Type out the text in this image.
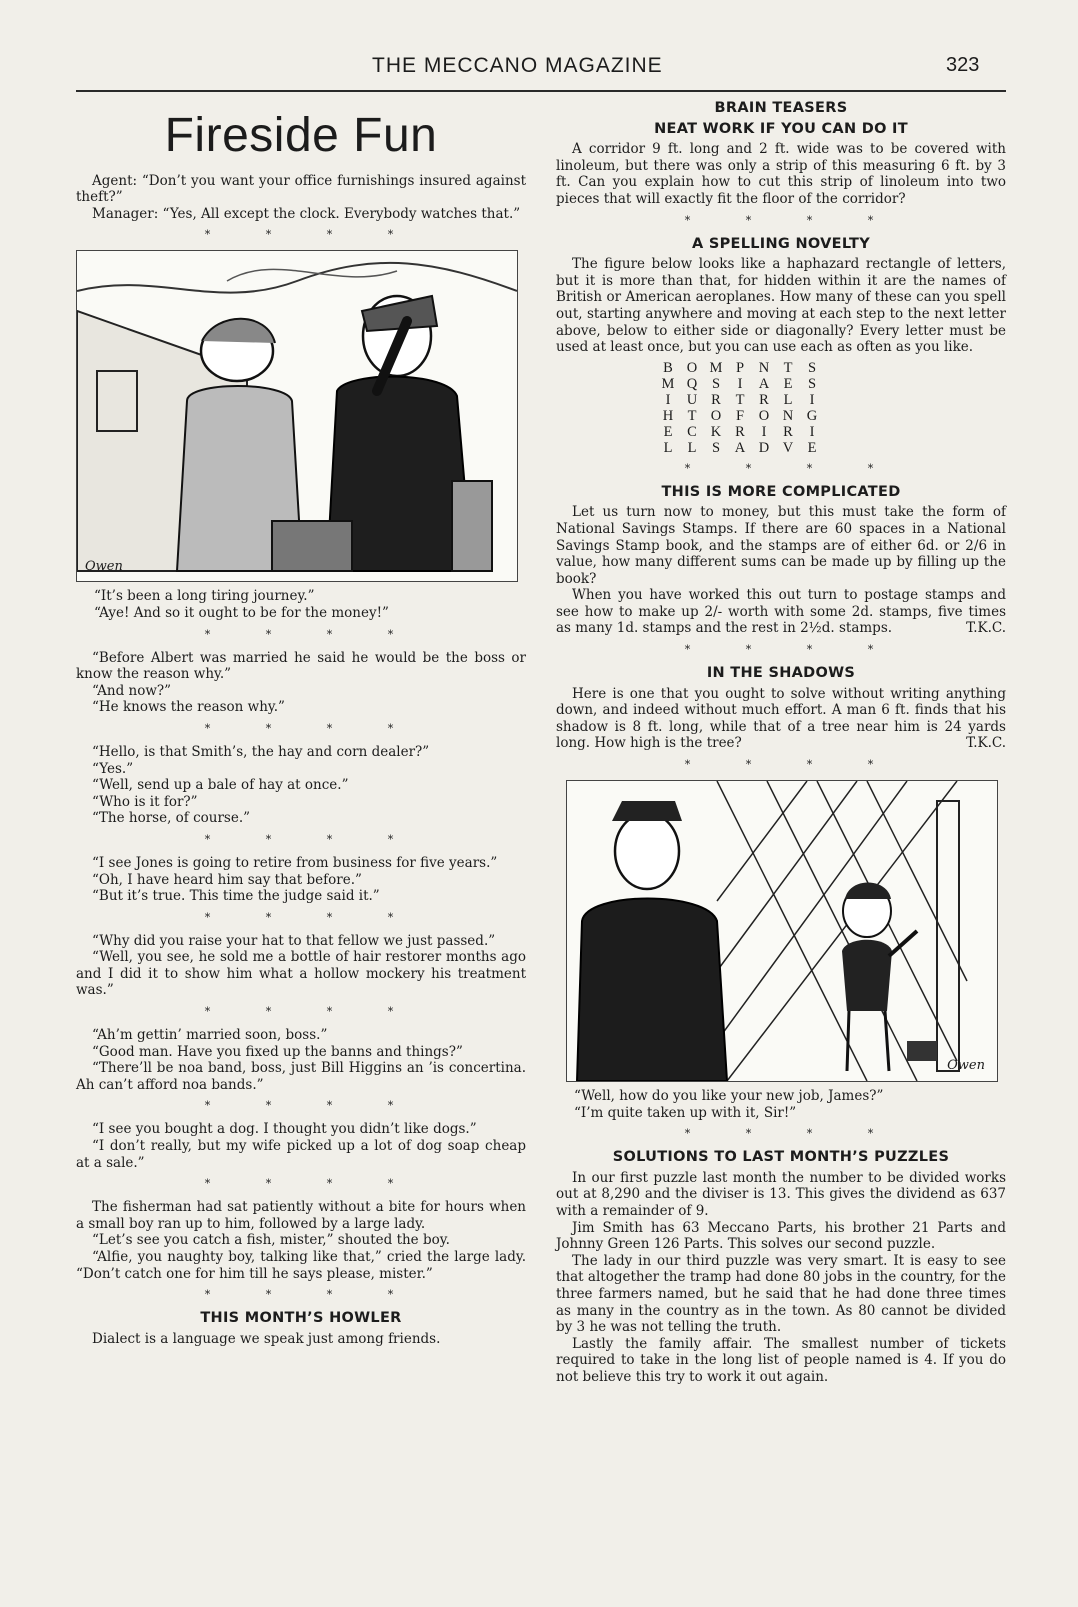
THE MECCANO MAGAZINE	323
Fireside Fun

Agent: “Don’t you want your office furnishings insured against theft?”

Manager: “Yes, All except the clock. Everybody watches that.”

* * * *
Owen

“It’s been a long tiring journey.”

“Aye! And so it ought to be for the money!”

* * * *

“Before Albert was married he said he would be the boss or know the reason why.”

“And now?”

“He knows the reason why.”

* * * *

“Hello, is that Smith’s, the hay and corn dealer?”

“Yes.”

“Well, send up a bale of hay at once.”

“Who is it for?”

“The horse, of course.”

* * * *

“I see Jones is going to retire from business for five years.”

“Oh, I have heard him say that before.”

“But it’s true. This time the judge said it.”

* * * *

“Why did you raise your hat to that fellow we just passed.”

“Well, you see, he sold me a bottle of hair restorer months ago and I did it to show him what a hollow mockery his treatment was.”

* * * *

“Ah’m gettin’ married soon, boss.”

“Good man. Have you fixed up the banns and things?”

“There’ll be noa band, boss, just Bill Higgins an ’is concertina. Ah can’t afford noa bands.”

* * * *

“I see you bought a dog. I thought you didn’t like dogs.”

“I don’t really, but my wife picked up a lot of dog soap cheap at a sale.”

* * * *

The fisherman had sat patiently without a bite for hours when a small boy ran up to him, followed by a large lady.

“Let’s see you catch a fish, mister,” shouted the boy.

“Alfie, you naughty boy, talking like that,” cried the large lady. “Don’t catch one for him till he says please, mister.”

* * * *
THIS MONTH’S HOWLER

Dialect is a language we speak just among friends.

BRAIN TEASERS
NEAT WORK IF YOU CAN DO IT

A corridor 9 ft. long and 2 ft. wide was to be covered with linoleum, but there was only a strip of this measuring 6 ft. by 3 ft. Can you explain how to cut this strip of linoleum into two pieces that will exactly fit the floor of the corridor?

* * * *
A SPELLING NOVELTY

The figure below looks like a haphazard rectangle of letters, but it is more than that, for hidden within it are the names of British or American aeroplanes. How many of these can you spell out, starting anywhere and moving at each step to the next letter above, below to either side or diagonally? Every letter must be used at least once, but you can use each as often as you like.

B O M P	N T	S
M Q	S	I	A E	S
I	U R	T	R	L	I
H T O	F	O N G
E	C K R	I	R	I
L	L	S	A D V E
* * * *
THIS IS MORE COMPLICATED

Let us turn now to money, but this must take the form of National Savings Stamps. If there are 60 spaces in a National Savings Stamp book, and the stamps are of either 6d. or 2/6 in value, how many different sums can be made up by filling up the book?

When you have worked this out turn to postage stamps and see how to make up 2/- worth with some 2d. stamps, five times as many 1d. stamps and the rest in 2½d. stamps.	T.K.C.

* * * *
IN THE SHADOWS

Here is one that you ought to solve without writing anything down, and indeed without much effort. A man 6 ft. finds that his shadow is 8 ft. long, while that of a tree near him is 24 yards long. How high is the tree?	T.K.C.

* * * *
Owen

“Well, how do you like your new job, James?”

“I’m quite taken up with it, Sir!”

* * * *
SOLUTIONS TO LAST MONTH’S PUZZLES

In our first puzzle last month the number to be divided works out at 8,290 and the diviser is 13. This gives the dividend as 637 with a remainder of 9.

Jim Smith has 63 Meccano Parts, his brother 21 Parts and Johnny Green 126 Parts. This solves our second puzzle.

The lady in our third puzzle was very smart. It is easy to see that altogether the tramp had done 80 jobs in the country, for the three farmers named, but he said that he had done three times as many in the country as in the town. As 80 cannot be divided by 3 he was not telling the truth.

Lastly the family affair. The smallest number of tickets required to take in the long list of people named is 4. If you do not believe this try to work it out again.
